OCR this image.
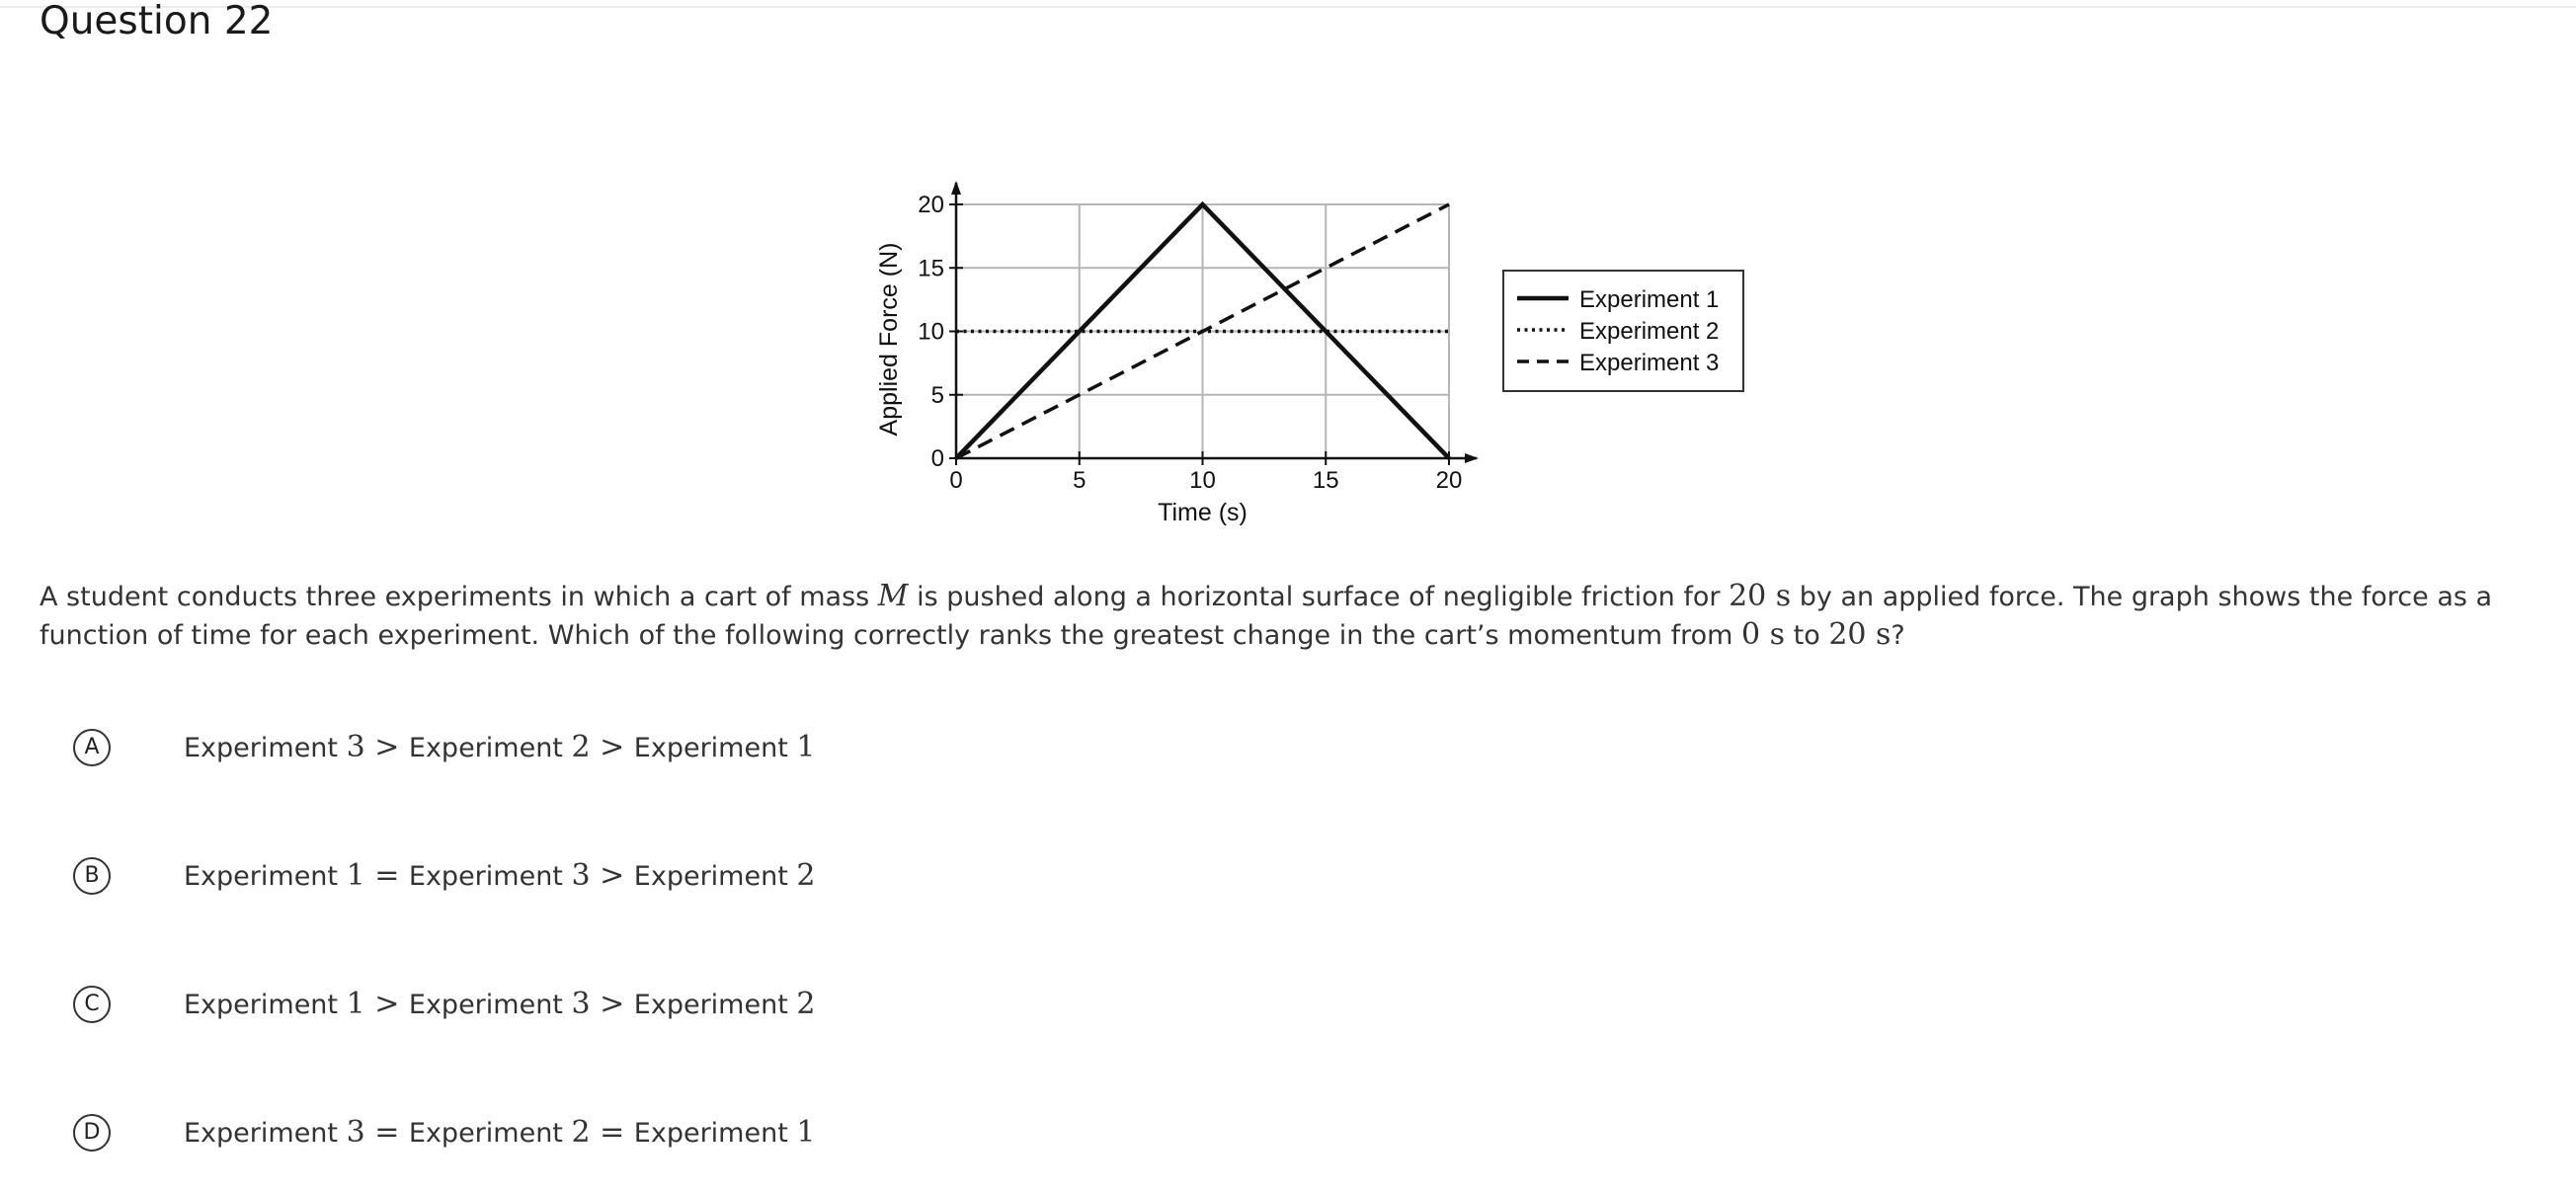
Question 22
0	5	10	15	20
0
5
10
15
20
Time (s)
Applied Force (N)	Experiment 1
Experiment 2
Experiment 3
A student conducts three experiments in which a cart of mass M is pushed along a horizontal surface of negligible friction for 20 s by an applied force. The graph shows the force as a function of time for each experiment. Which of the following correctly ranks the greatest change in the cart’s momentum from 0 s to 20 s?
A	Experiment 3 > Experiment 2 > Experiment 1
B	Experiment 1 = Experiment 3 > Experiment 2
C	Experiment 1 > Experiment 3 > Experiment 2
D	Experiment 3 = Experiment 2 = Experiment 1
